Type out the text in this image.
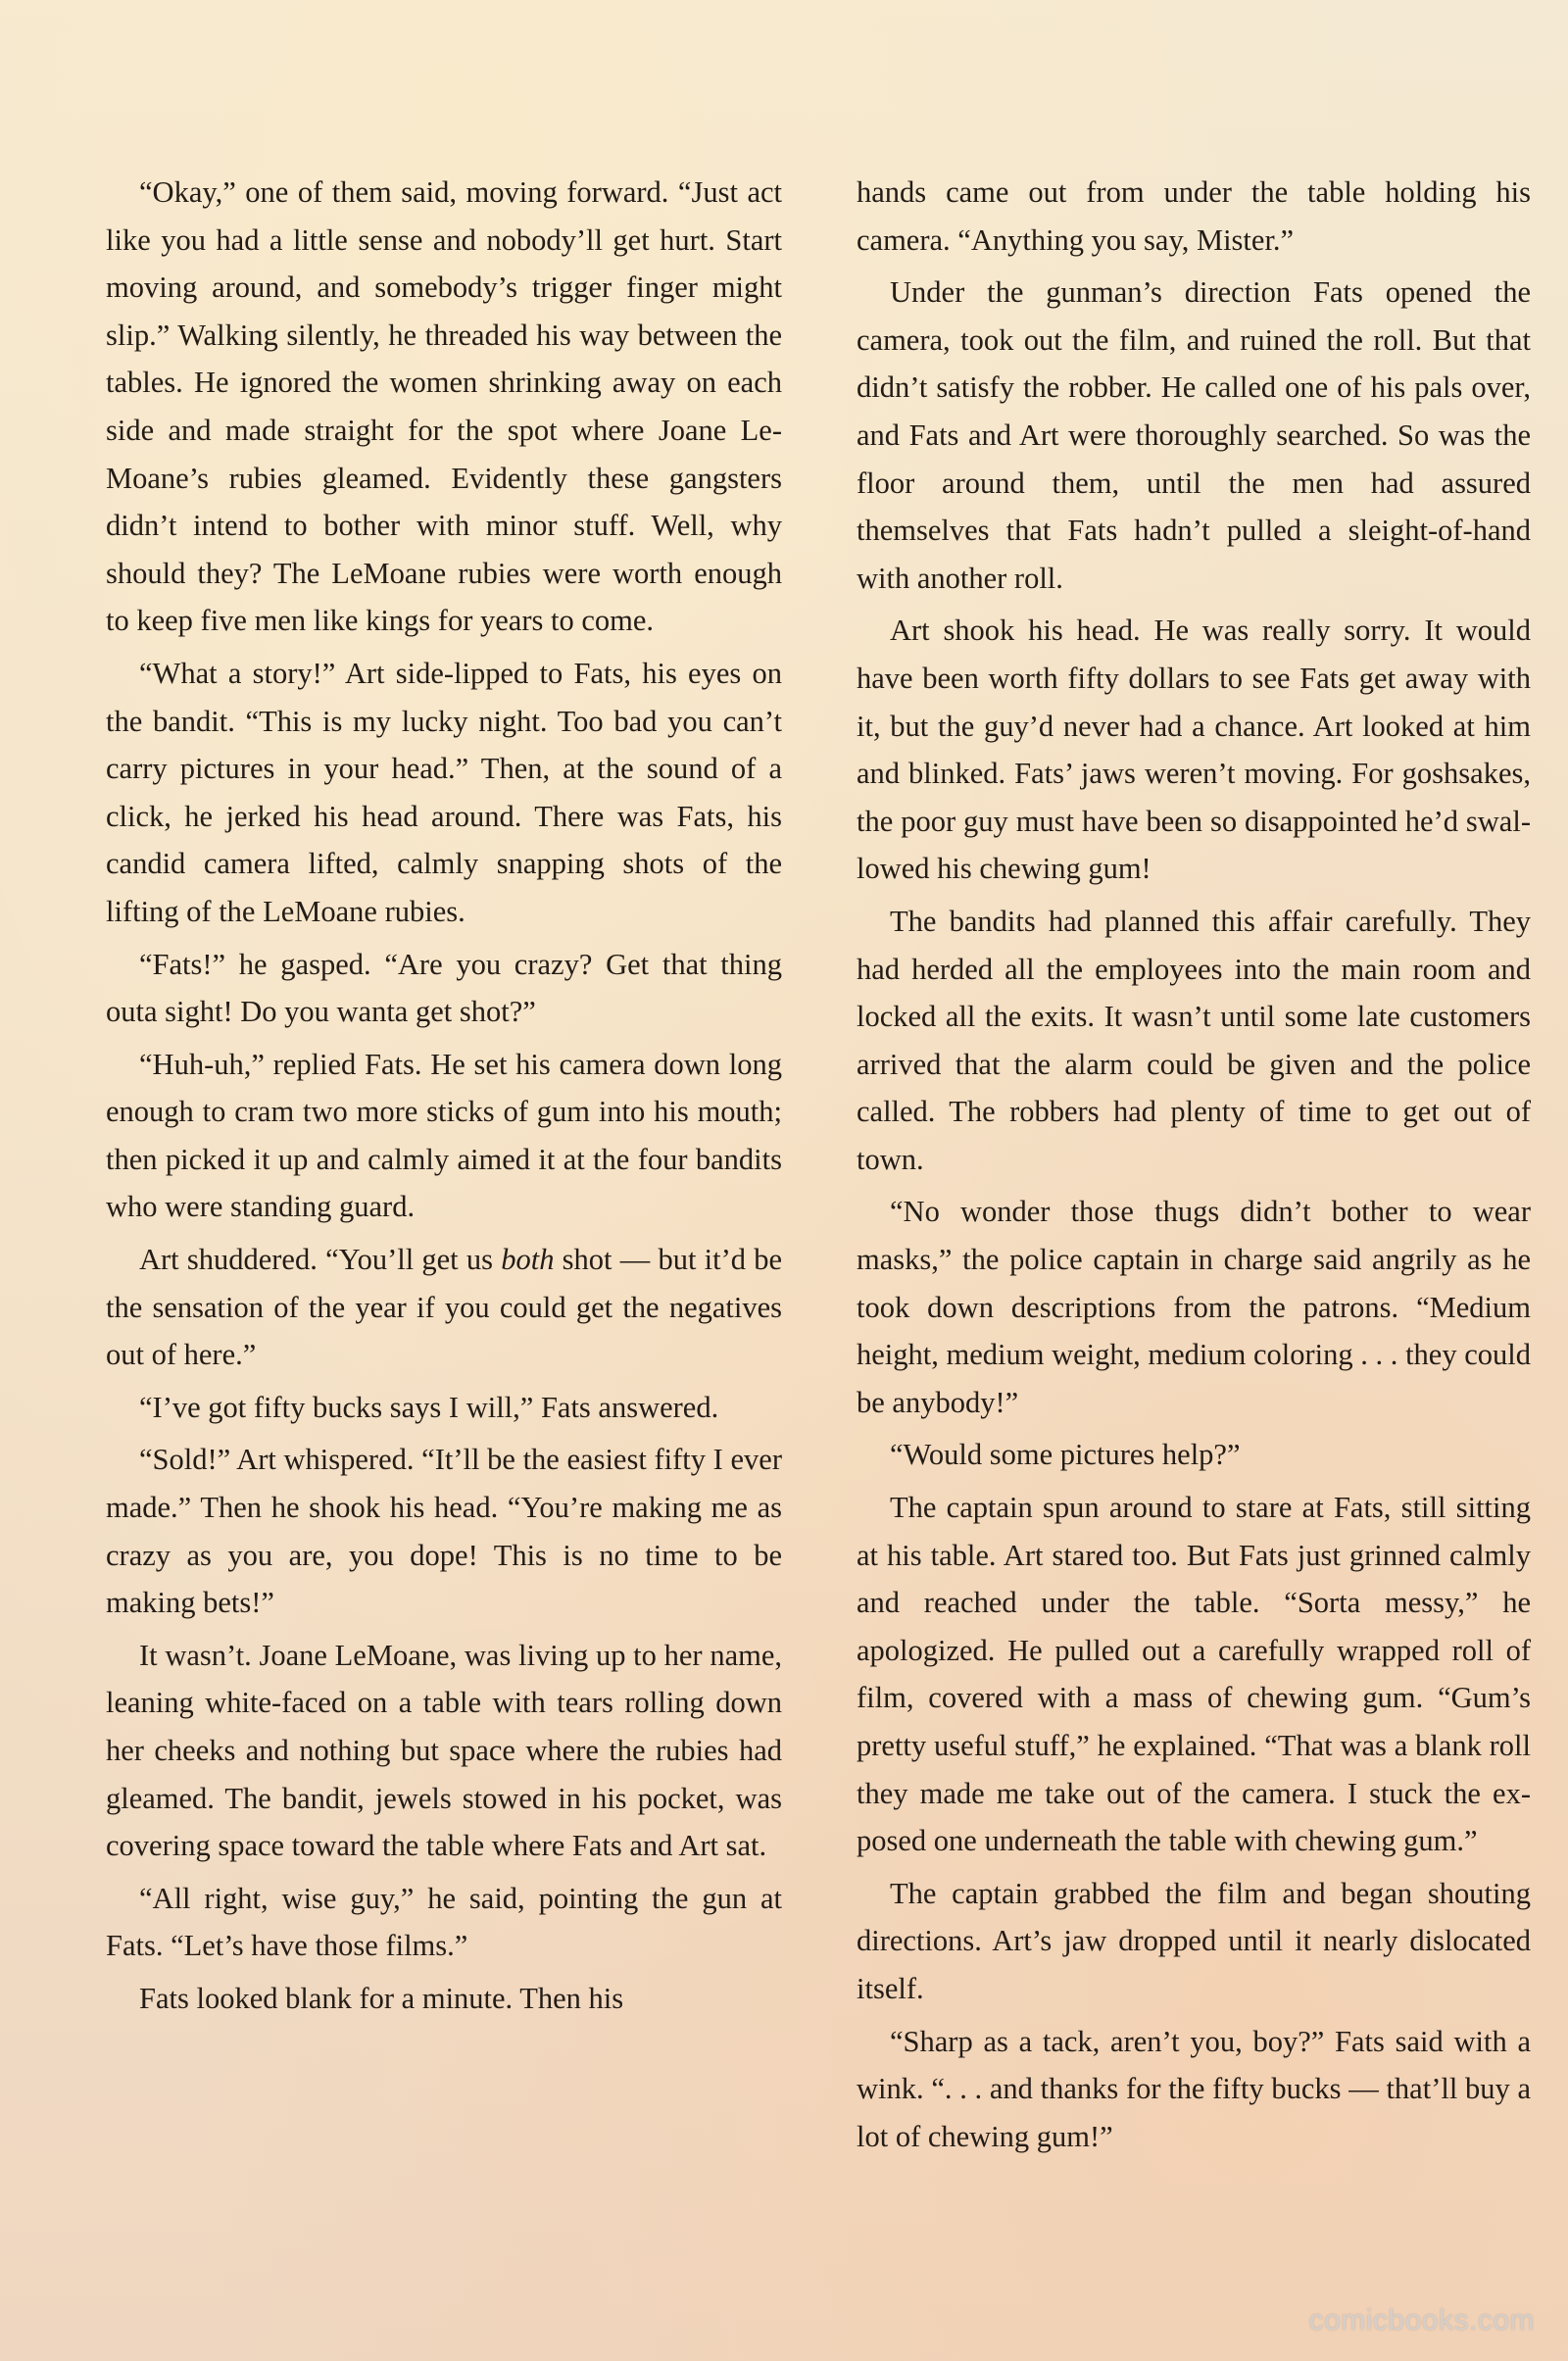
“Okay,” one of them said, moving forward. “Just act like you had a little sense and nobody’ll get hurt. Start moving around, and somebody’s trigger finger might slip.” Walking silently, he threaded his way between the tables. He ignored the women shrinking away on each side and made straight for the spot where Joane LeMoane’s rubies gleamed. Evidently these gangsters didn’t intend to bother with minor stuff. Well, why should they? The LeMoane rubies were worth enough to keep five men like kings for years to come.

“What a story!” Art side-lipped to Fats, his eyes on the bandit. “This is my lucky night. Too bad you can’t carry pictures in your head.” Then, at the sound of a click, he jerked his head around. There was Fats, his candid camera lifted, calmly snapping shots of the lifting of the LeMoane rubies.

“Fats!” he gasped. “Are you crazy? Get that thing outa sight! Do you wanta get shot?”

“Huh-uh,” replied Fats. He set his camera down long enough to cram two more sticks of gum into his mouth; then picked it up and calmly aimed it at the four bandits who were standing guard.

Art shuddered. “You’ll get us both shot — but it’d be the sensation of the year if you could get the negatives out of here.”

“I’ve got fifty bucks says I will,” Fats answered.

“Sold!” Art whispered. “It’ll be the easiest fifty I ever made.” Then he shook his head. “You’re making me as crazy as you are, you dope! This is no time to be making bets!”

It wasn’t. Joane LeMoane, was living up to her name, leaning white-faced on a table with tears rolling down her cheeks and nothing but space where the rubies had gleamed. The bandit, jewels stowed in his pocket, was covering space toward the table where Fats and Art sat.

“All right, wise guy,” he said, pointing the gun at Fats. “Let’s have those films.”

Fats looked blank for a minute. Then his

hands came out from under the table holding his camera. “Anything you say, Mister.”

Under the gunman’s direction Fats opened the camera, took out the film, and ruined the roll. But that didn’t satisfy the robber. He called one of his pals over, and Fats and Art were thoroughly searched. So was the floor around them, until the men had assured themselves that Fats hadn’t pulled a sleight-of-hand with another roll.

Art shook his head. He was really sorry. It would have been worth fifty dollars to see Fats get away with it, but the guy’d never had a chance. Art looked at him and blinked. Fats’ jaws weren’t moving. For goshsakes, the poor guy must have been so disappointed he’d swallowed his chewing gum!

The bandits had planned this affair carefully. They had herded all the employees into the main room and locked all the exits. It wasn’t until some late customers arrived that the alarm could be given and the police called. The robbers had plenty of time to get out of town.

“No wonder those thugs didn’t bother to wear masks,” the police captain in charge said angrily as he took down descriptions from the patrons. “Medium height, medium weight, medium coloring . . . they could be anybody!”

“Would some pictures help?”

The captain spun around to stare at Fats, still sitting at his table. Art stared too. But Fats just grinned calmly and reached under the table. “Sorta messy,” he apologized. He pulled out a carefully wrapped roll of film, covered with a mass of chewing gum. “Gum’s pretty useful stuff,” he explained. “That was a blank roll they made me take out of the camera. I stuck the exposed one underneath the table with chewing gum.”

The captain grabbed the film and began shouting directions. Art’s jaw dropped until it nearly dislocated itself.

“Sharp as a tack, aren’t you, boy?” Fats said with a wink. “. . . and thanks for the fifty bucks — that’ll buy a lot of chewing gum!”

comicbooks.com
